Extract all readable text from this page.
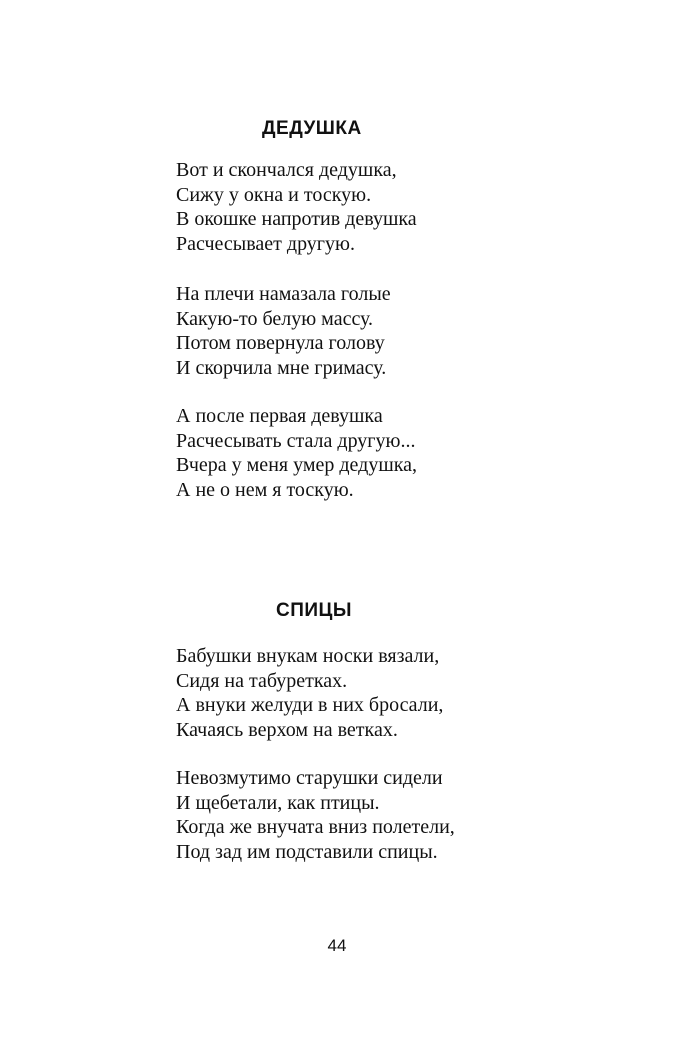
ДЕДУШКА
Вот и скончался дедушка,
Сижу у окна и тоскую.
В окошке напротив девушка
Расчесывает другую.
На плечи намазала голые
Какую-то белую массу.
Потом повернула голову
И скорчила мне гримасу.
А после первая девушка
Расчесывать стала другую...
Вчера у меня умер дедушка,
А не о нем я тоскую.
СПИЦЫ
Бабушки внукам носки вязали,
Сидя на табуретках.
А внуки желуди в них бросали,
Качаясь верхом на ветках.
Невозмутимо старушки сидели
И щебетали, как птицы.
Когда же внучата вниз полетели,
Под зад им подставили спицы.
44
